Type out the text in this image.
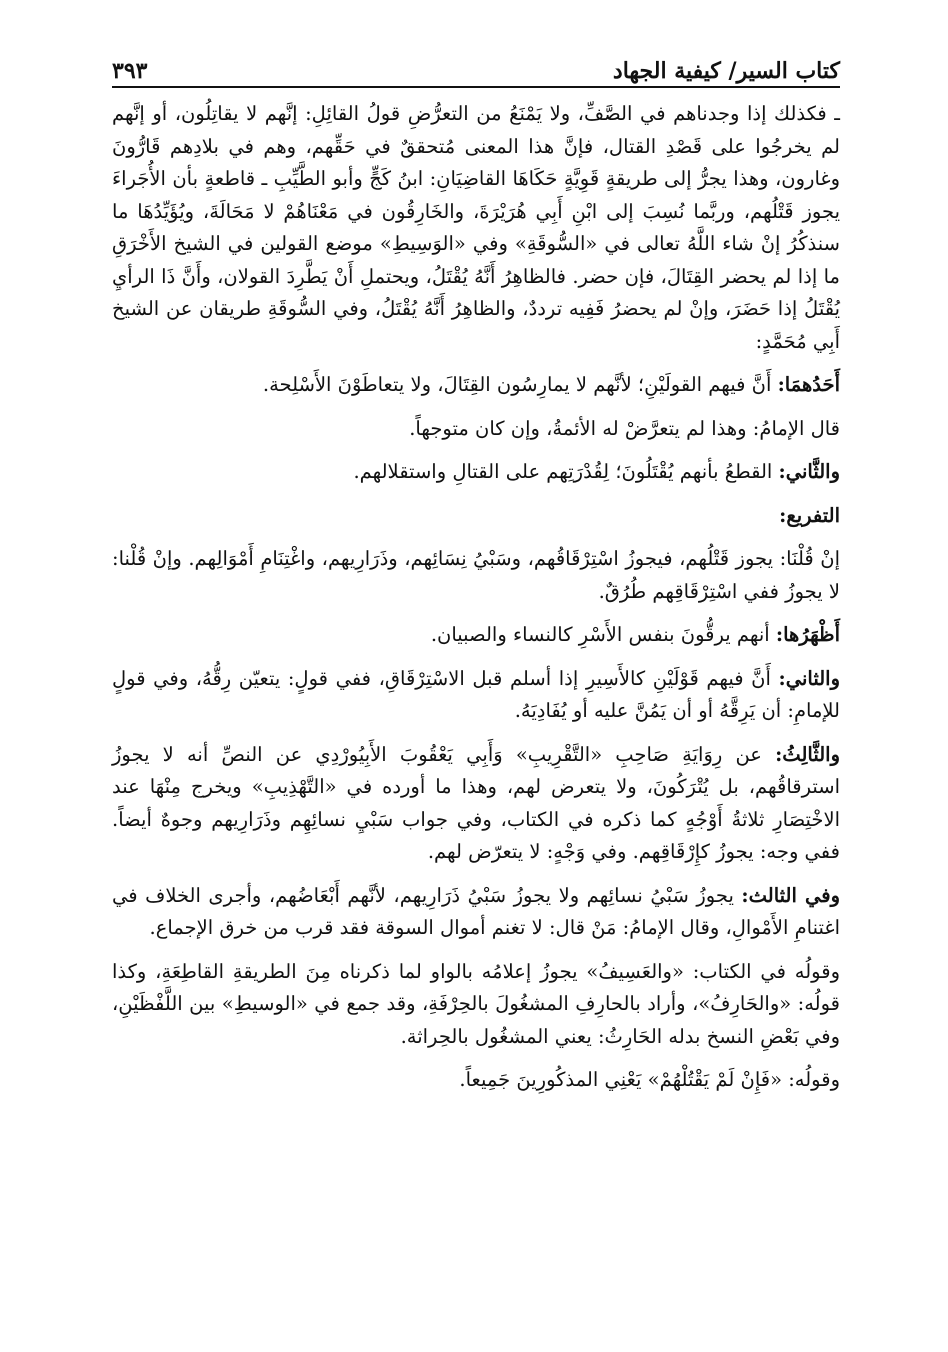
كتاب السير/ كيفية الجهاد
٣٩٣

ـ فكذلك إذا وجدناهم في الصَّفِّ، ولا يَمْنَعُ من التعرُّضِ قولُ القائِلِ: إنَّهم لا يقاتِلُون، أو إنَّهم لم يخرجُوا على قَصْدِ القتال، فإنَّ هذا المعنى مُتحققٌ في حَقِّهم، وهم في بلادِهم قَارُّونَ وغارون، وهذا يجرُّ إلى طريقةٍ قَوِيَّةٍ حَكَاهَا القاضِيَانِ: ابنُ كَجٍّ وأبو الطَّيِّبِ ـ قاطعةٍ بأن الأُجَراءَ يجوز قَتْلُهم، وربَّما نُسِبَ إلى ابْنِ أَبِي هُرَيْرَةَ، والخَارِقُون في مَعْنَاهُمْ لا مَحَالَةَ، ويُؤَيِّدُهَا ما سنذكُرُ إنْ شاء اللَّهُ تعالى في «السُّوقَةِ» وفي «الوَسِيطِ» موضع القولين في الشيخ الأَخْرَقِ ما إذا لم يحضر القِتَالَ، فإن حضر. فالظاهِرُ أَنَّهُ يُقْتَلُ، ويحتملِ أَنْ يَطَّرِدَ القولان، وأَنَّ ذَا الرأيِ يُقْتَلُ إذا حَضَرَ، وإنْ لم يحضرُ فَفِيه ترددٌ، والظاهِرُ أَنَّهُ يُقْتَلُ، وفي السُّوقَةِ طريقان عن الشيخ أَبِي مُحَمَّدٍ:

أَحَدُهمَا: أَنَّ فيهم القولَيْنِ؛ لأنَّهم لا يمارِسُون القِتَالَ، ولا يتعاطَوْنَ الأَسْلِحة.

قال الإمامُ: وهذا لم يتعرَّضْ له الأئمةُ، وإن كان متوجهاً.

والثَّاني: القطعُ بأنهم يُقْتَلُونَ؛ لِقُدْرَتِهم على القتالِ واستقلالهم.

التفريع:

إنْ قُلْنَا: يجوز قَتْلُهم، فيجوزُ اسْتِرْقَاقُهم، وسَبْيُ نِسَائِهم، وذَرَارِيهم، واغْتِنَامِ أَمْوَالِهم. وإنْ قُلْنا: لا يجوزُ ففي اسْتِرْقَاقِهم طُرُقٌ.

أَظْهَرُها: أنهم يرقُّونَ بنفس الأَسْرِ كالنساء والصبيان.

والثاني: أَنَّ فيهم قَوْلَيْنِ كالأَسِيرِ إذا أسلم قبل الاسْتِرْقَاقِ، ففي قولٍ: يتعيّن رِقُّهُ، وفي قولٍ للإمامِ: أن يَرِقَّهُ أو أن يَمُنَّ عليه أو يُفَادِيَهُ.

والثَّالِثُ: عن رِوَايَةِ صَاحِبِ «التَّقْرِيبِ» وَأَبِي يَعْقُوبَ الأَبِيُورْدِي عن النصِّ أنه لا يجوزُ استرقاقُهم، بل يُتْرَكُونَ، ولا يتعرض لهم، وهذا ما أورده في «التَّهْذِيبِ» ويخرج مِنْهَا عند الاخْتِصَارِ ثلاثةُ أَوْجُهٍ كما ذكره في الكتاب، وفي جواب سَبْيِ نسائِهِم وذَرَارِيهم وجوهٌ أيضاً. ففي وجه: يجوزُ كإِرْقَاقِهم. وفي وَجْهٍ: لا يتعرّض لهم.

وفي الثالث: يجوزُ سَبْيُ نسائِهم ولا يجوزُ سَبْيُ ذَرَارِيهم، لأنَّهم أَبْعَاضُهم، وأجرى الخلاف في اغتنامِ الأَمْوالِ، وقال الإمامُ: مَنْ قال: لا تغنم أموال السوقة فقد قرب من خرق الإجماع.

وقولُه في الكتاب: «والعَسِيفُ» يجوزُ إعلامُه بالواو لما ذكرناه مِنَ الطريقةِ القاطِعَةِ، وكذا قولُه: «والحَارِفُ»، وأراد بالحارِفِ المشغُولَ بالحِرْفَةِ، وقد جمع في «الوسيطِ» بين اللَّفْظَيْنِ، وفي بَعْضِ النسخ بدله الحَارِثُ: يعني المشغُول بالحِراثة.

وقولُه: «فَإِنْ لَمْ يَقْتُلْهُمْ» يَعْنِي المذكُورِينَ جَمِيعاً.
